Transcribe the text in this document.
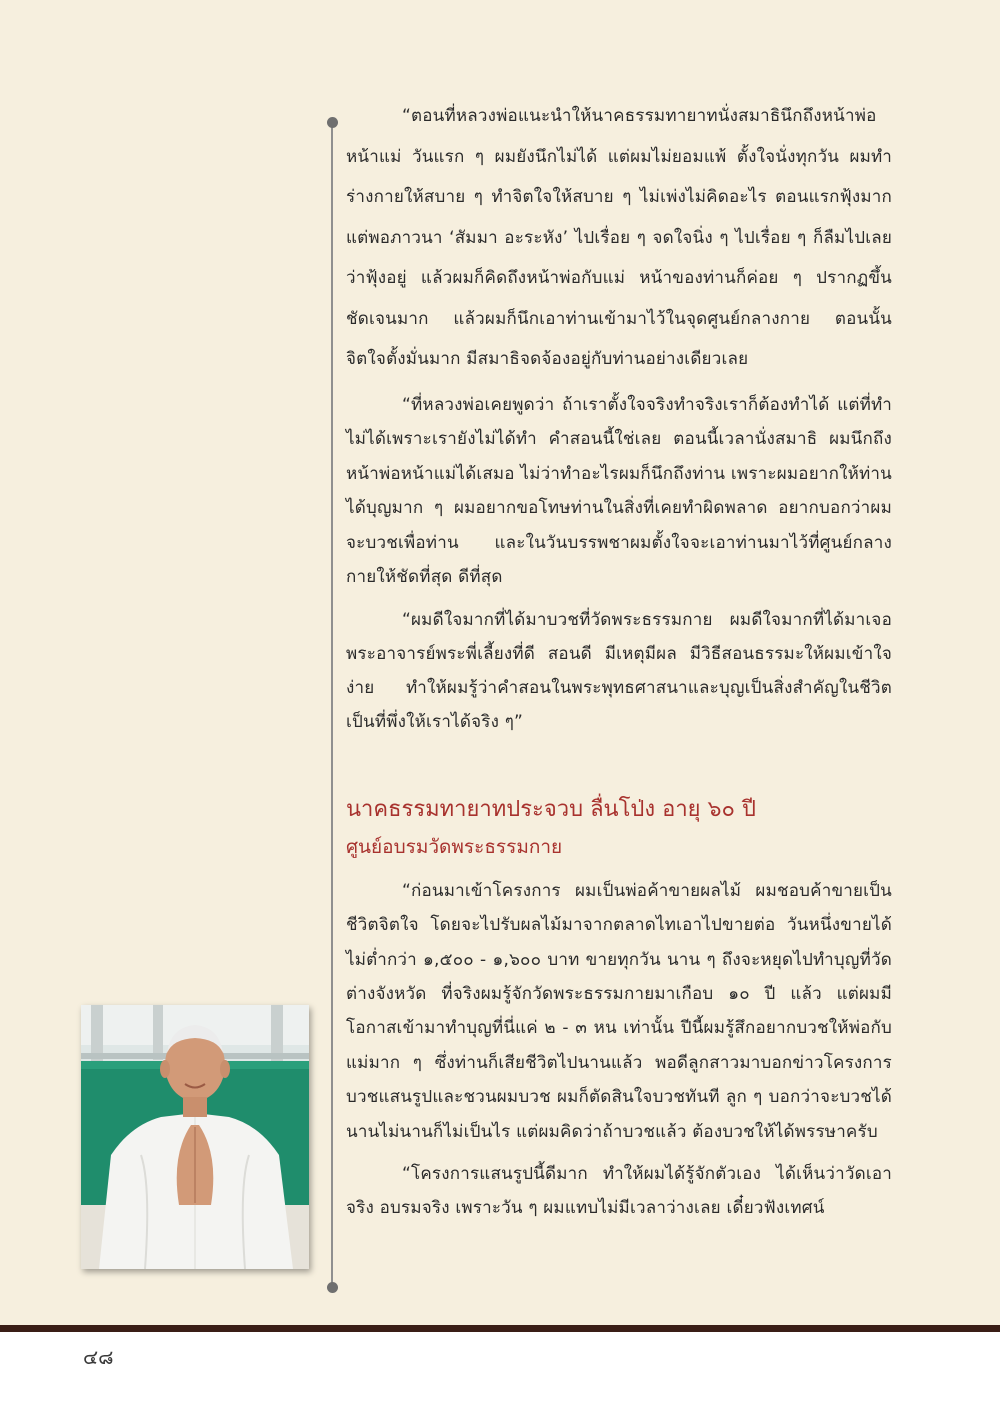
“ตอนที่หลวงพ่อแนะนำให้นาคธรรมทายาทนั่งสมาธินึกถึงหน้าพ่อหน้าแม่ วันแรก ๆ ผมยังนึกไม่ได้ แต่ผมไม่ยอมแพ้ ตั้งใจนั่งทุกวัน ผมทำร่างกายให้สบาย ๆ ทำจิตใจให้สบาย ๆ ไม่เพ่งไม่คิดอะไร ตอนแรกฟุ้งมาก แต่พอภาวนา ‘สัมมา อะระหัง’ ไปเรื่อย ๆ จดใจนิ่ง ๆ ไปเรื่อย ๆ ก็ลืมไปเลยว่าฟุ้งอยู่ แล้วผมก็คิดถึงหน้าพ่อกับแม่ หน้าของท่านก็ค่อย ๆ ปรากฏขึ้นชัดเจนมาก แล้วผมก็นึกเอาท่านเข้ามาไว้ในจุดศูนย์กลางกาย ตอนนั้นจิตใจตั้งมั่นมาก มีสมาธิจดจ้องอยู่กับท่านอย่างเดียวเลย

“ที่หลวงพ่อเคยพูดว่า ถ้าเราตั้งใจจริงทำจริงเราก็ต้องทำได้ แต่ที่ทำไม่ได้เพราะเรายังไม่ได้ทำ คำสอนนี้ใช่เลย ตอนนี้เวลานั่งสมาธิ ผมนึกถึงหน้าพ่อหน้าแม่ได้เสมอ ไม่ว่าทำอะไรผมก็นึกถึงท่าน เพราะผมอยากให้ท่านได้บุญมาก ๆ ผมอยากขอโทษท่านในสิ่งที่เคยทำผิดพลาด อยากบอกว่าผมจะบวชเพื่อท่าน และในวันบรรพชาผมตั้งใจจะเอาท่านมาไว้ที่ศูนย์กลางกายให้ชัดที่สุด ดีที่สุด

“ผมดีใจมากที่ได้มาบวชที่วัดพระธรรมกาย ผมดีใจมากที่ได้มาเจอพระอาจารย์พระพี่เลี้ยงที่ดี สอนดี มีเหตุมีผล มีวิธีสอนธรรมะให้ผมเข้าใจง่าย ทำให้ผมรู้ว่าคำสอนในพระพุทธศาสนาและบุญเป็นสิ่งสำคัญในชีวิต เป็นที่พึ่งให้เราได้จริง ๆ”

นาคธรรมทายาทประจวบ ลื่นโป่ง อายุ ๖๐ ปี
ศูนย์อบรมวัดพระธรรมกาย

“ก่อนมาเข้าโครงการ ผมเป็นพ่อค้าขายผลไม้ ผมชอบค้าขายเป็นชีวิตจิตใจ โดยจะไปรับผลไม้มาจากตลาดไทเอาไปขายต่อ วันหนึ่งขายได้ไม่ต่ำกว่า ๑,๕๐๐ - ๑,๖๐๐ บาท ขายทุกวัน นาน ๆ ถึงจะหยุดไปทำบุญที่วัดต่างจังหวัด ที่จริงผมรู้จักวัดพระธรรมกายมาเกือบ ๑๐ ปี แล้ว แต่ผมมีโอกาสเข้ามาทำบุญที่นี่แค่ ๒ - ๓ หน เท่านั้น ปีนี้ผมรู้สึกอยากบวชให้พ่อกับแม่มาก ๆ ซึ่งท่านก็เสียชีวิตไปนานแล้ว พอดีลูกสาวมาบอกข่าวโครงการบวชแสนรูปและชวนผมบวช ผมก็ตัดสินใจบวชทันที ลูก ๆ บอกว่าจะบวชได้นานไม่นานก็ไม่เป็นไร แต่ผมคิดว่าถ้าบวชแล้ว ต้องบวชให้ได้พรรษาครับ

“โครงการแสนรูปนี้ดีมาก ทำให้ผมได้รู้จักตัวเอง ได้เห็นว่าวัดเอาจริง อบรมจริง เพราะวัน ๆ ผมแทบไม่มีเวลาว่างเลย เดี๋ยวฟังเทศน์

๔๘
